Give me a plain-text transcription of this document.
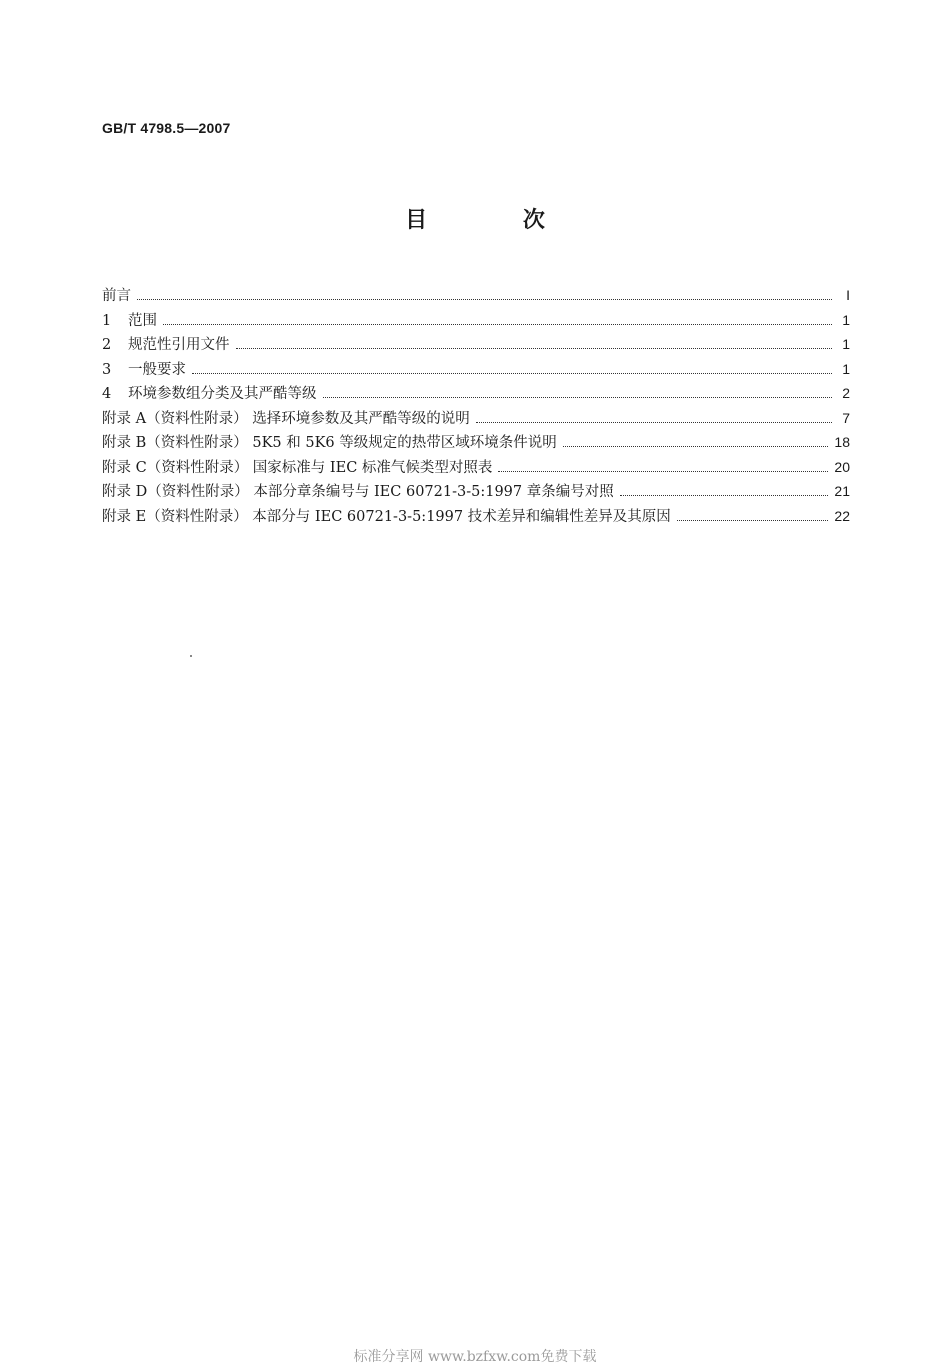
GB/T 4798.5—2007
目 次
前言	I
1 范围	1
2 规范性引用文件	1
3 一般要求	1
4 环境参数组分类及其严酷等级	2
附录 A（资料性附录） 选择环境参数及其严酷等级的说明	7
附录 B（资料性附录） 5K5 和 5K6 等级规定的热带区域环境条件说明	18
附录 C（资料性附录） 国家标准与 IEC 标准气候类型对照表	20
附录 D（资料性附录） 本部分章条编号与 IEC 60721-3-5:1997 章条编号对照	21
附录 E（资料性附录） 本部分与 IEC 60721-3-5:1997 技术差异和编辑性差异及其原因	22
标准分享网 www.bzfxw.com免费下载
